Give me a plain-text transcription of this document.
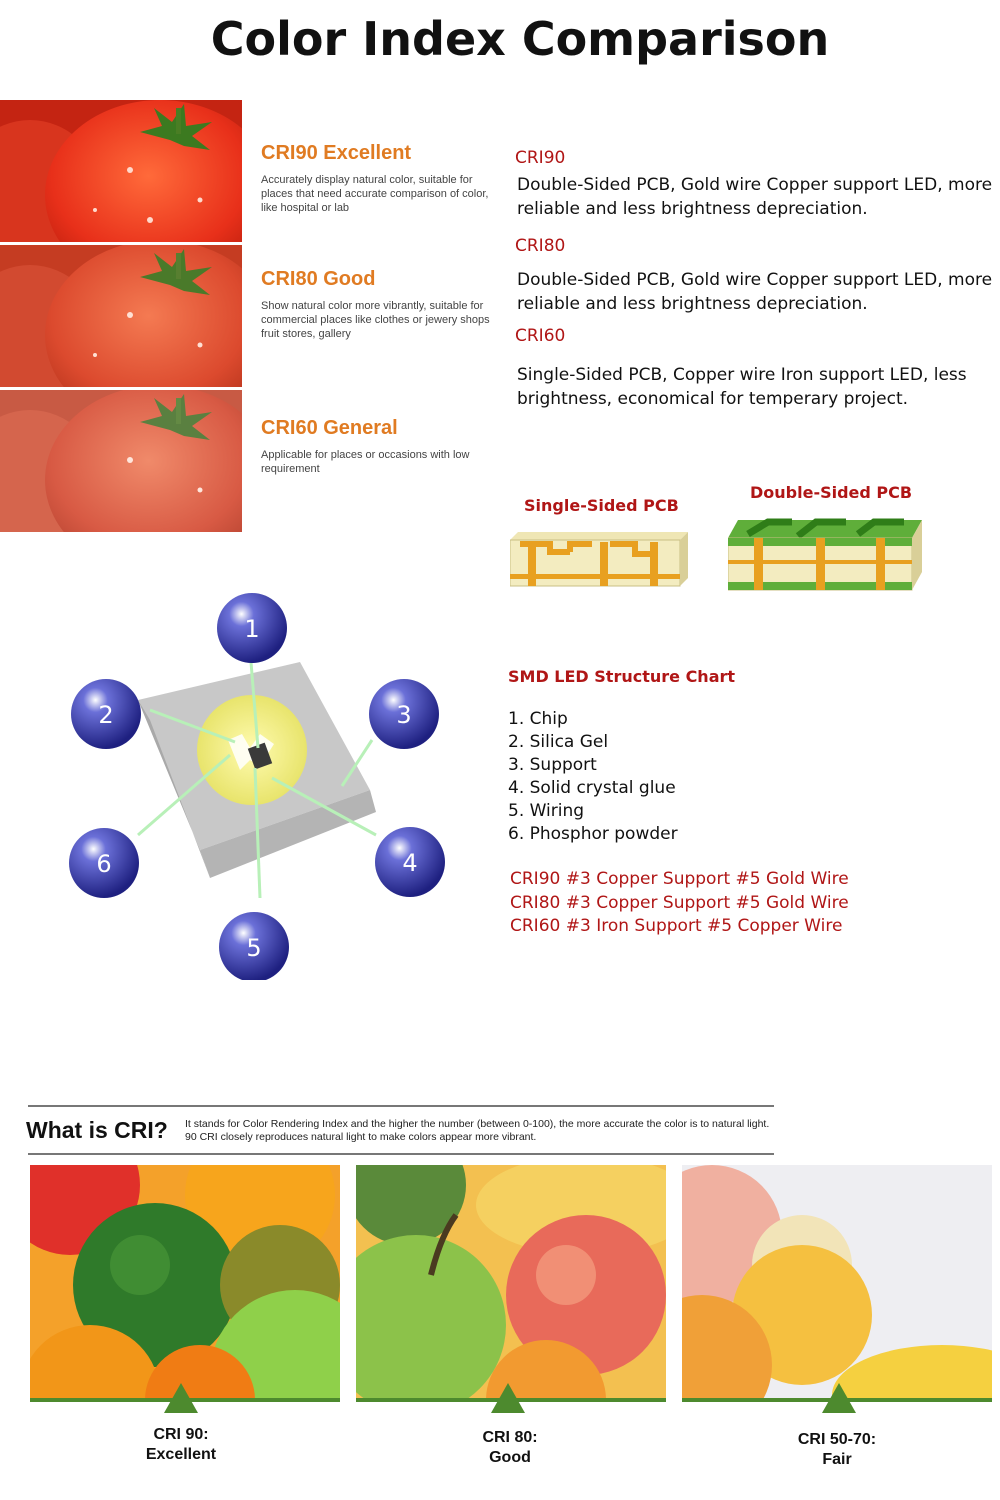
Color Index Comparison
CRI90 Excellent
Accurately display natural color, suitable for places that need accurate comparison of color, like hospital or lab
CRI80 Good
Show natural color more vibrantly, suitable for commercial places like clothes or jewery shops fruit stores, gallery
CRI60 General
Applicable for places or occasions with low requirement
CRI90
Double-Sided PCB, Gold wire Copper support LED, more reliable and less brightness depreciation.
CRI80
Double-Sided PCB, Gold wire Copper support LED, more reliable and less brightness depreciation.
CRI60
Single-Sided PCB, Copper wire Iron support LED, less brightness, economical for temperary project.
Single-Sided PCB
Double-Sided PCB
1
2	3
4
5
6
SMD LED Structure Chart
1. Chip
2. Silica Gel
3. Support
4. Solid crystal glue
5. Wiring
6. Phosphor powder
CRI90 #3 Copper Support #5 Gold Wire
CRI80 #3 Copper Support #5 Gold Wire
CRI60 #3 Iron Support #5 Copper Wire
What is CRI? It stands for Color Rendering Index and the higher the number (between 0-100), the more accurate the color is to natural light. 90 CRI closely reproduces natural light to make colors appear more vibrant.
CRI 90:
Excellent
CRI 80:
Good
CRI 50-70:
Fair
